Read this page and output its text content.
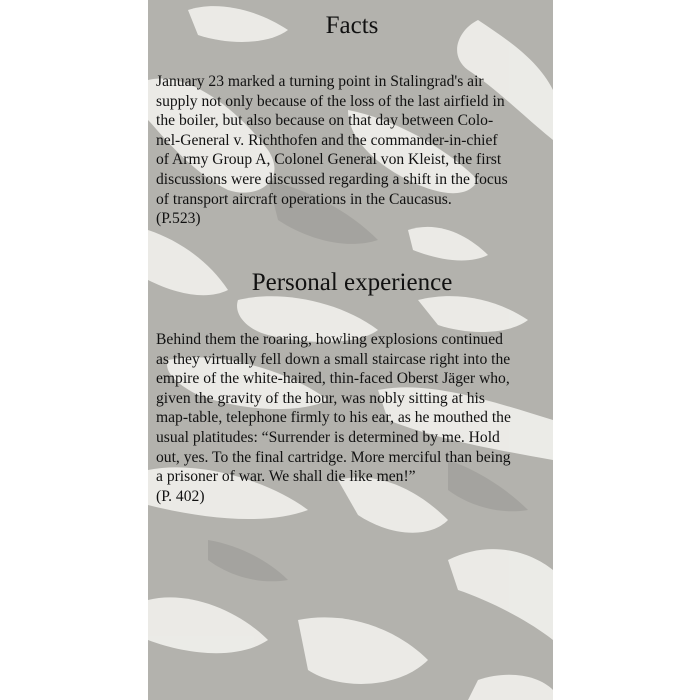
Facts

January 23 marked a turning point in Stalingrad's air
supply not only because of the loss of the last airfield in
the boiler, but also because on that day between Colo-
nel-General v. Richthofen and the commander-in-chief
of Army Group A, Colonel General von Kleist, the first
discussions were discussed regarding a shift in the focus
of transport aircraft operations in the Caucasus.
(P.523)

Personal experience

Behind them the roaring, howling explosions continued
as they virtually fell down a small staircase right into the
empire of the white-haired, thin-faced Oberst Jäger who,
given the gravity of the hour, was nobly sitting at his
map-table, telephone firmly to his ear, as he mouthed the
usual platitudes: “Surrender is determined by me. Hold
out, yes. To the final cartridge. More merciful than being
a prisoner of war. We shall die like men!”
(P. 402)
